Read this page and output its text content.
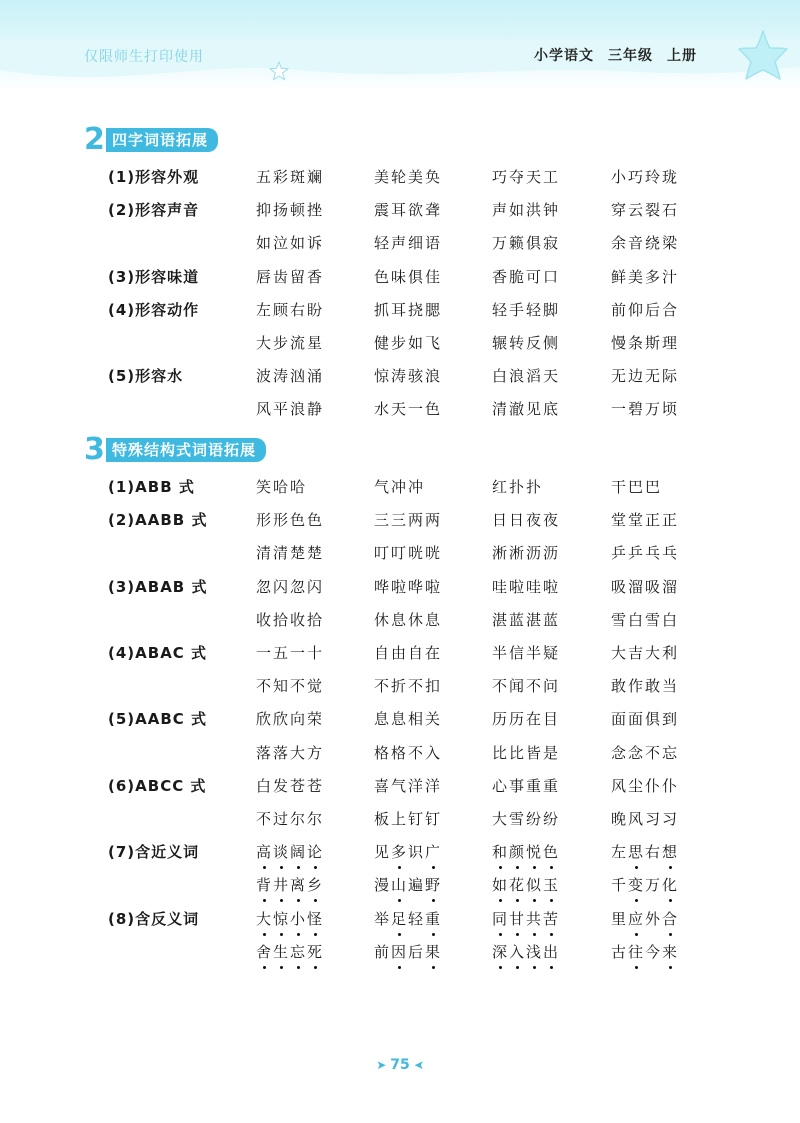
仅限师生打印使用	小学语文 三年级 上册
2 四字词语拓展
(1)形容外观	五彩斑斓	美轮美奂	巧夺天工	小巧玲珑
(2)形容声音	抑扬顿挫	震耳欲聋	声如洪钟	穿云裂石
如泣如诉	轻声细语	万籁俱寂	余音绕梁
(3)形容味道	唇齿留香	色味俱佳	香脆可口	鲜美多汁
(4)形容动作	左顾右盼	抓耳挠腮	轻手轻脚	前仰后合
大步流星	健步如飞	辗转反侧	慢条斯理
(5)形容水	波涛汹涌	惊涛骇浪	白浪滔天	无边无际
风平浪静	水天一色	清澈见底	一碧万顷
3 特殊结构式词语拓展
(1)ABB 式	笑哈哈	气冲冲	红扑扑	干巴巴
(2)AABB 式	形形色色	三三两两	日日夜夜	堂堂正正
清清楚楚	叮叮咣咣	淅淅沥沥	乒乒乓乓
(3)ABAB 式	忽闪忽闪	哗啦哗啦	哇啦哇啦	吸溜吸溜
收拾收拾	休息休息	湛蓝湛蓝	雪白雪白
(4)ABAC 式	一五一十	自由自在	半信半疑	大吉大利
不知不觉	不折不扣	不闻不问	敢作敢当
(5)AABC 式	欣欣向荣	息息相关	历历在目	面面俱到
落落大方	格格不入	比比皆是	念念不忘
(6)ABCC 式	白发苍苍	喜气洋洋	心事重重	风尘仆仆
不过尔尔	板上钉钉	大雪纷纷	晚风习习
(7)含近义词	高谈阔论	见多识广	和颜悦色	左思右想
背井离乡	漫山遍野	如花似玉	千变万化
(8)含反义词	大惊小怪	举足轻重	同甘共苦	里应外合
舍生忘死	前因后果	深入浅出	古往今来
➤ 75 ➤
